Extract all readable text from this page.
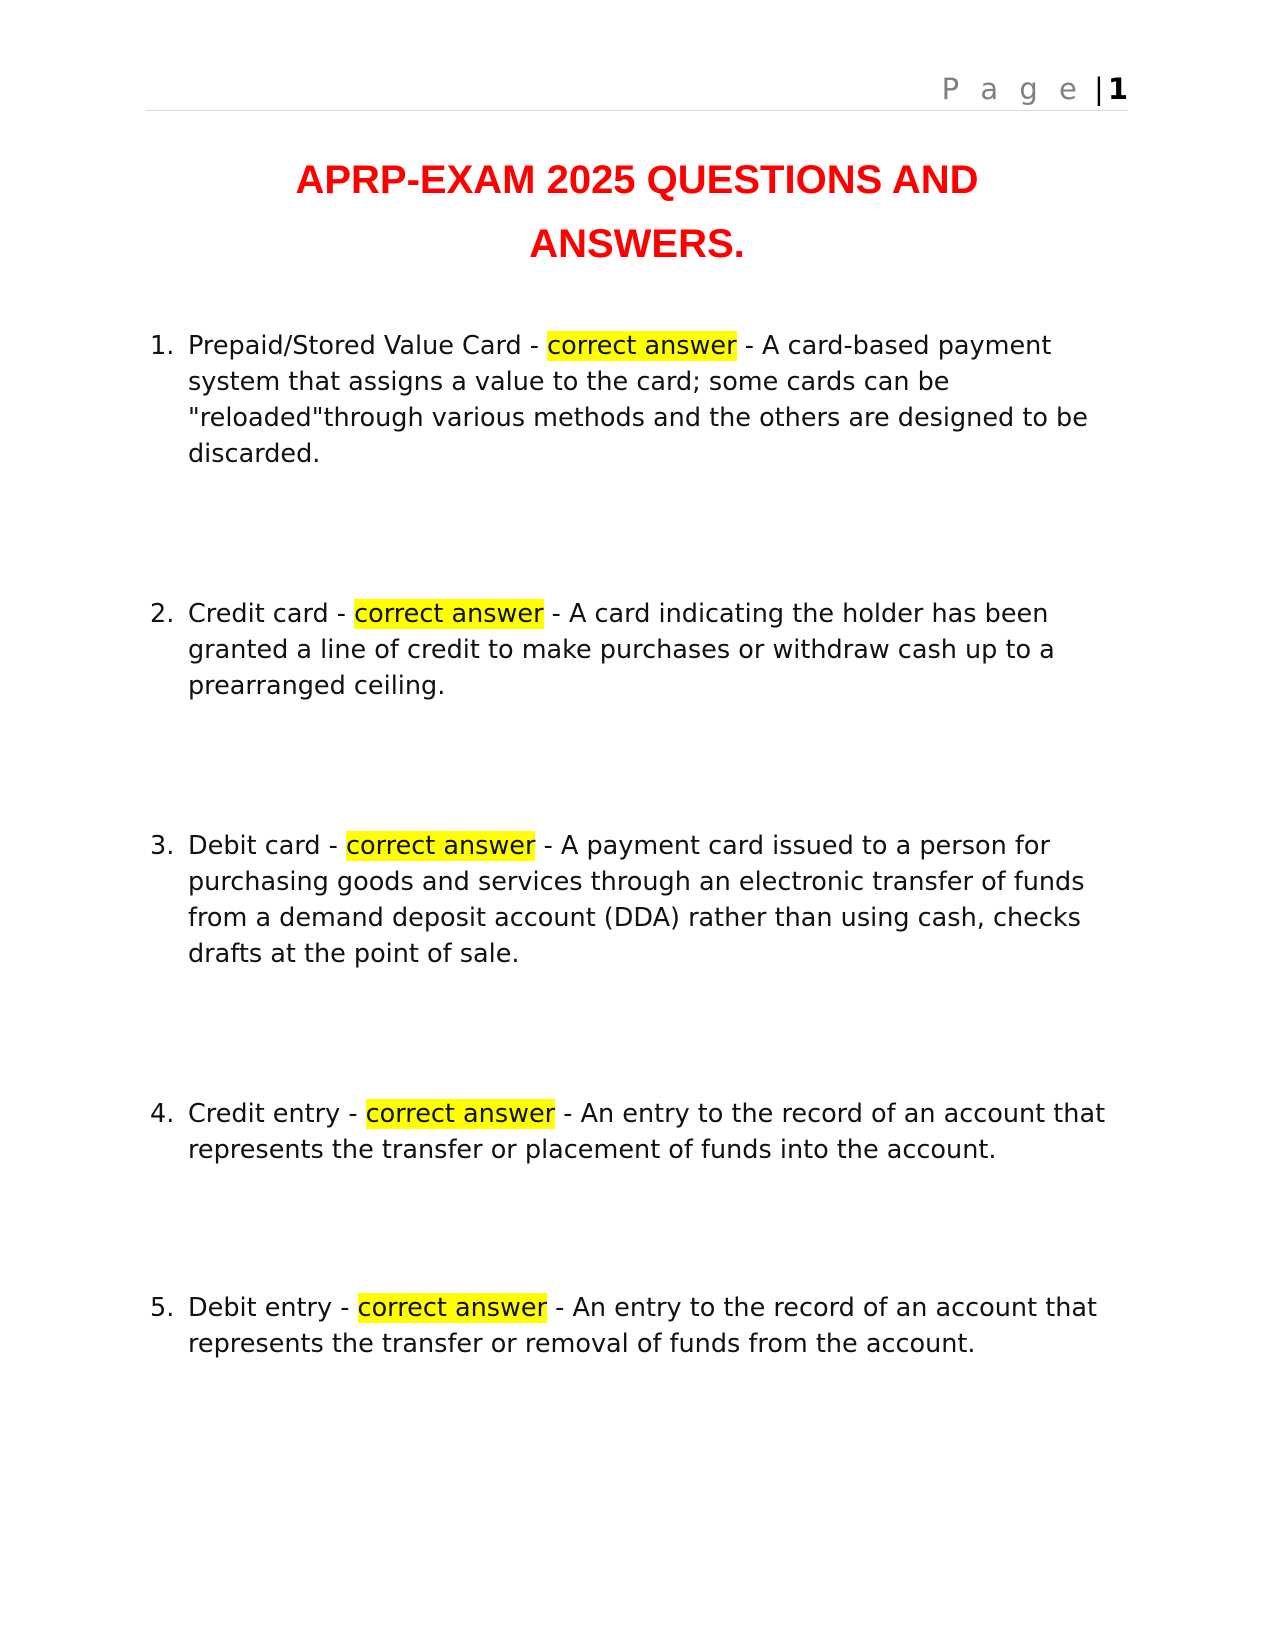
P a g e | 1
APRP-EXAM 2025 QUESTIONS AND
ANSWERS.
1. Prepaid/Stored Value Card - correct answer - A card-based payment system that assigns a value to the card; some cards can be "reloaded"through various methods and the others are designed to be discarded.
2. Credit card - correct answer - A card indicating the holder has been granted a line of credit to make purchases or withdraw cash up to a prearranged ceiling.
3. Debit card - correct answer - A payment card issued to a person for purchasing goods and services through an electronic transfer of funds from a demand deposit account (DDA) rather than using cash, checks drafts at the point of sale.
4. Credit entry - correct answer - An entry to the record of an account that represents the transfer or placement of funds into the account.
5. Debit entry - correct answer - An entry to the record of an account that represents the transfer or removal of funds from the account.
